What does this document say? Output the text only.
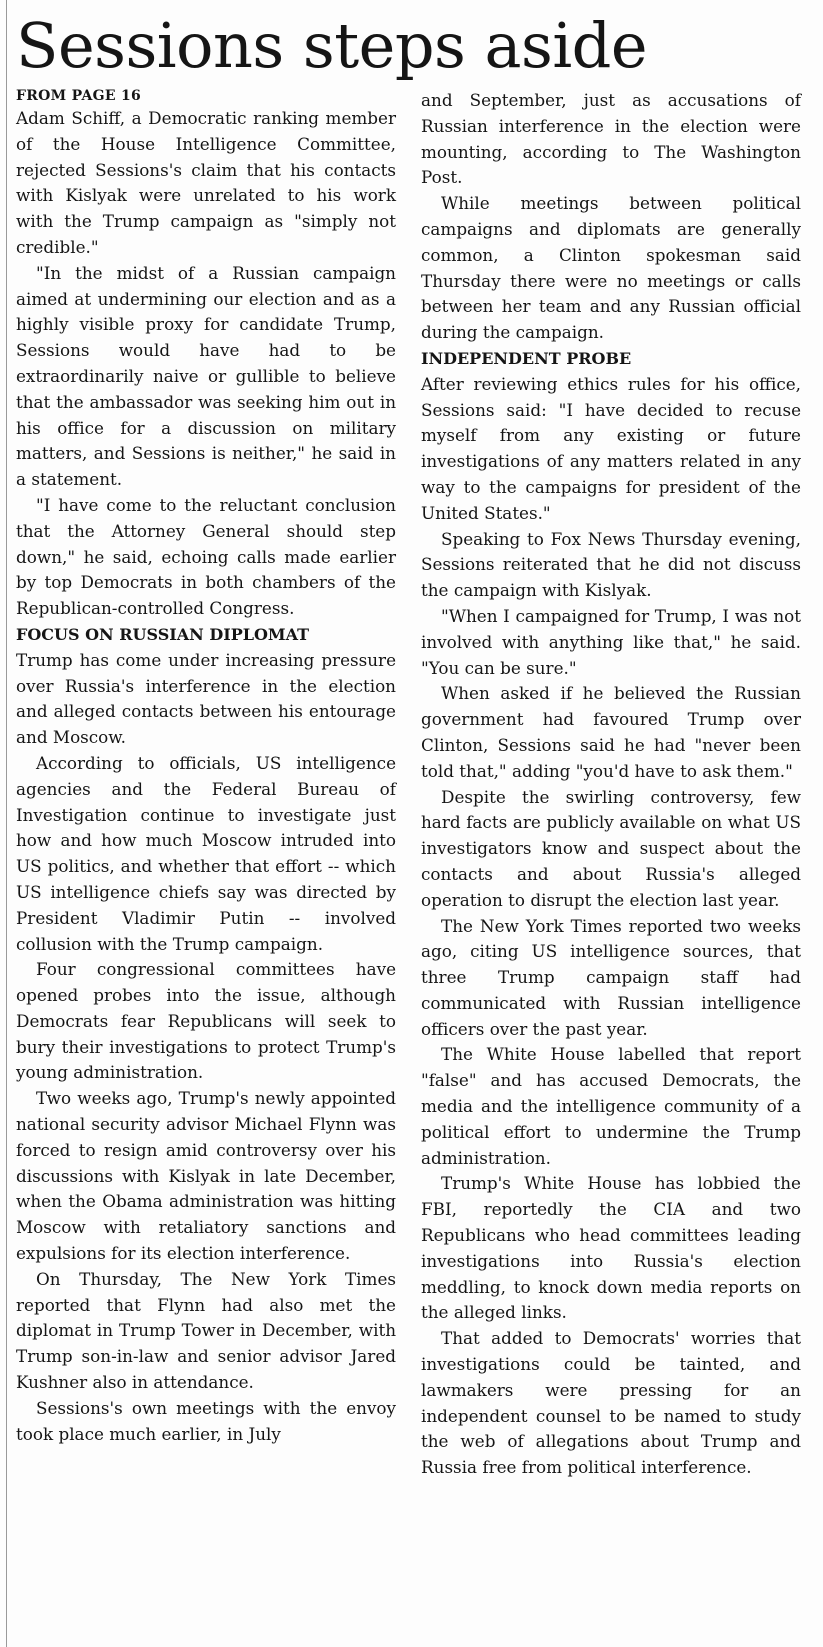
Sessions steps aside
FROM PAGE 16

Adam Schiff, a Democratic ranking member of the House Intelligence Committee, rejected Sessions's claim that his contacts with Kislyak were unrelated to his work with the Trump campaign as "simply not credible."

"In the midst of a Russian campaign aimed at undermining our election and as a highly visible proxy for candidate Trump, Sessions would have had to be extraordinarily naive or gullible to believe that the ambassador was seeking him out in his office for a discussion on military matters, and Sessions is neither," he said in a statement.

"I have come to the reluctant conclusion that the Attorney General should step down," he said, echoing calls made earlier by top Democrats in both chambers of the Republican-controlled Congress.

FOCUS ON RUSSIAN DIPLOMAT

Trump has come under increasing pressure over Russia's interference in the election and alleged contacts between his entourage and Moscow.

According to officials, US intelligence agencies and the Federal Bureau of Investigation continue to investigate just how and how much Moscow intruded into US politics, and whether that effort -- which US intelligence chiefs say was directed by President Vladimir Putin -- involved collusion with the Trump campaign.

Four congressional committees have opened probes into the issue, although Democrats fear Republicans will seek to bury their investigations to protect Trump's young administration.

Two weeks ago, Trump's newly appointed national security advisor Michael Flynn was forced to resign amid controversy over his discussions with Kislyak in late December, when the Obama administration was hitting Moscow with retaliatory sanctions and expulsions for its election interference.

On Thursday, The New York Times reported that Flynn had also met the diplomat in Trump Tower in December, with Trump son-in-law and senior advisor Jared Kushner also in attendance.

Sessions's own meetings with the envoy took place much earlier, in July

and September, just as accusations of Russian interference in the election were mounting, according to The Washington Post.

While meetings between political campaigns and diplomats are generally common, a Clinton spokesman said Thursday there were no meetings or calls between her team and any Russian official during the campaign.

INDEPENDENT PROBE

After reviewing ethics rules for his office, Sessions said: "I have decided to recuse myself from any existing or future investigations of any matters related in any way to the campaigns for president of the United States."

Speaking to Fox News Thursday evening, Sessions reiterated that he did not discuss the campaign with Kislyak.

"When I campaigned for Trump, I was not involved with anything like that," he said. "You can be sure."

When asked if he believed the Russian government had favoured Trump over Clinton, Sessions said he had "never been told that," adding "you'd have to ask them."

Despite the swirling controversy, few hard facts are publicly available on what US investigators know and suspect about the contacts and about Russia's alleged operation to disrupt the election last year.

The New York Times reported two weeks ago, citing US intelligence sources, that three Trump campaign staff had communicated with Russian intelligence officers over the past year.

The White House labelled that report "false" and has accused Democrats, the media and the intelligence community of a political effort to undermine the Trump administration.

Trump's White House has lobbied the FBI, reportedly the CIA and two Republicans who head committees leading investigations into Russia's election meddling, to knock down media reports on the alleged links.

That added to Democrats' worries that investigations could be tainted, and lawmakers were pressing for an independent counsel to be named to study the web of allegations about Trump and Russia free from political interference.
